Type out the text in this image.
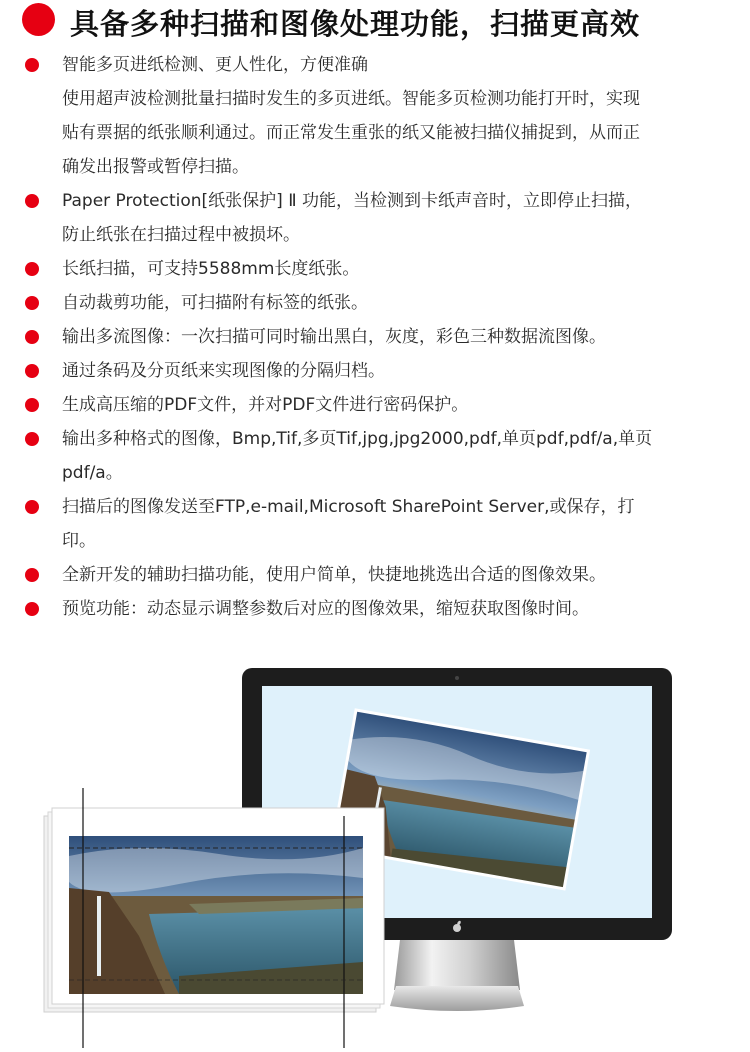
具备多种扫描和图像处理功能，扫描更高效
智能多页进纸检测、更人性化，方便准确
使用超声波检测批量扫描时发生的多页进纸。智能多页检测功能打开时，实现
贴有票据的纸张顺利通过。而正常发生重张的纸又能被扫描仪捕捉到，从而正
确发出报警或暂停扫描。
Paper Protection[纸张保护] Ⅱ 功能，当检测到卡纸声音时，立即停止扫描，
防止纸张在扫描过程中被损坏。
长纸扫描，可支持5588mm长度纸张。
自动裁剪功能，可扫描附有标签的纸张。
输出多流图像：一次扫描可同时输出黑白，灰度，彩色三种数据流图像。
通过条码及分页纸来实现图像的分隔归档。
生成高压缩的PDF文件，并对PDF文件进行密码保护。
输出多种格式的图像，Bmp,Tif,多页Tif,jpg,jpg2000,pdf,单页pdf,pdf/a,单页
pdf/a。
扫描后的图像发送至FTP,e-mail,Microsoft SharePoint Server,或保存，打
印。
全新开发的辅助扫描功能，使用户简单，快捷地挑选出合适的图像效果。
预览功能：动态显示调整参数后对应的图像效果，缩短获取图像时间。
